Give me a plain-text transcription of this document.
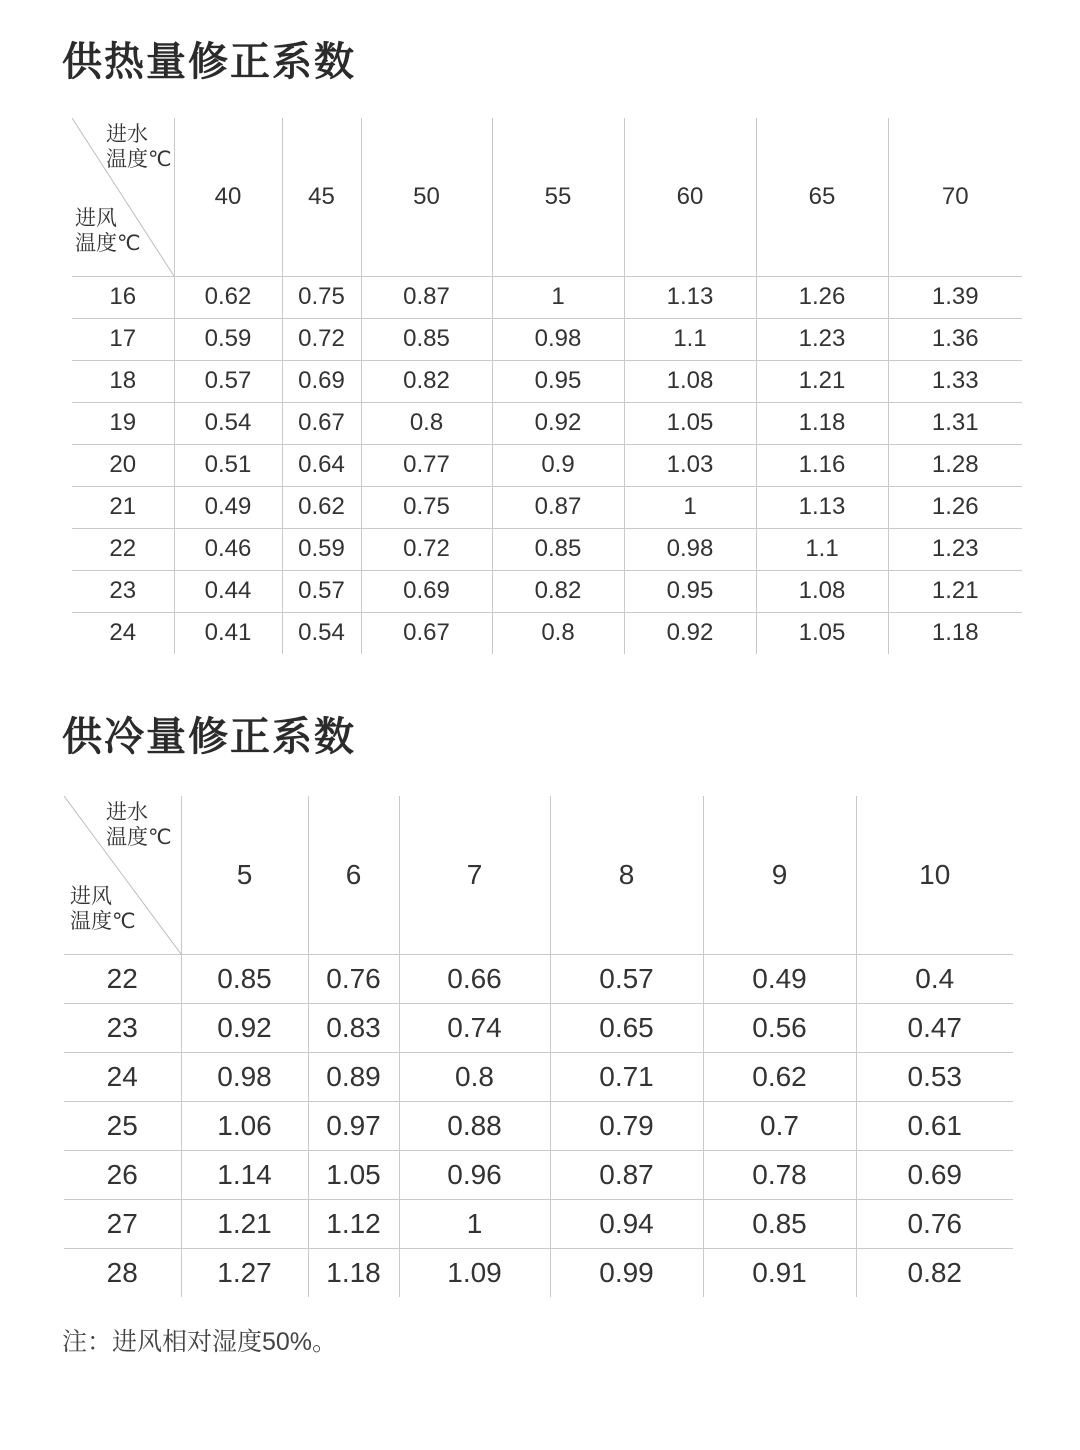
供热量修正系数
进水
温度℃
进风
温度℃	40	45	50	55	60	65	70
16	0.62	0.75	0.87	1	1.13	1.26	1.39
17	0.59	0.72	0.85	0.98	1.1	1.23	1.36
18	0.57	0.69	0.82	0.95	1.08	1.21	1.33
19	0.54	0.67	0.8	0.92	1.05	1.18	1.31
20	0.51	0.64	0.77	0.9	1.03	1.16	1.28
21	0.49	0.62	0.75	0.87	1	1.13	1.26
22	0.46	0.59	0.72	0.85	0.98	1.1	1.23
23	0.44	0.57	0.69	0.82	0.95	1.08	1.21
24	0.41	0.54	0.67	0.8	0.92	1.05	1.18
供冷量修正系数
进水
温度℃
进风
温度℃	5	6	7	8	9	10
22	0.85	0.76	0.66	0.57	0.49	0.4
23	0.92	0.83	0.74	0.65	0.56	0.47
24	0.98	0.89	0.8	0.71	0.62	0.53
25	1.06	0.97	0.88	0.79	0.7	0.61
26	1.14	1.05	0.96	0.87	0.78	0.69
27	1.21	1.12	1	0.94	0.85	0.76
28	1.27	1.18	1.09	0.99	0.91	0.82

注：进风相对湿度50%。
